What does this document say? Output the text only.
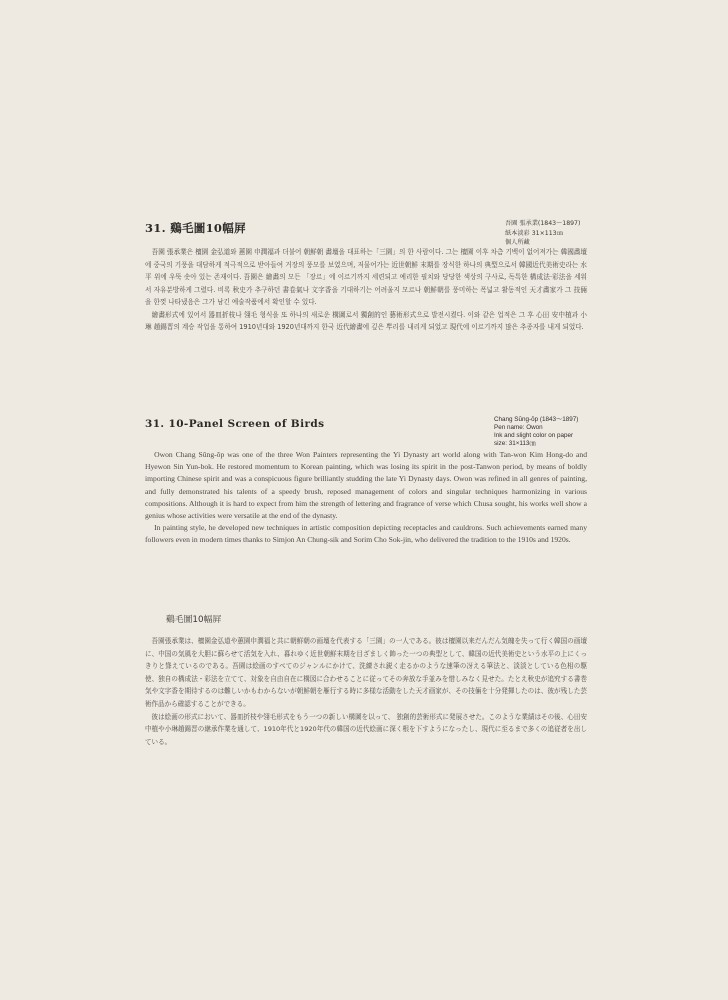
31. 鷄毛圖10幅屛	吾園 張承業(1843～1897)
紙本淡彩 31×113㎝
個人所藏

吾園 張承業은 檀園 金弘道와 蕙園 申潤福과 더불어 朝鮮朝 畵壇을 대표하는「三園」의 한 사람이다. 그는 檀園 이후 차츰 기백이 없어져가는 韓國畵壇에 중국의 기풍을 대담하게 적극적으로 받아들여 거장의 풍모를 보였으며, 저물어가는 近世朝鮮 末期를 장식한 하나의 典型으로서 韓國近代美術史라는 水平 위에 우뚝 솟아 있는 존재이다. 吾園은 繪畵의 모든 「장르」에 이르기까지 세련되고 예리한 필치와 당당한 색상의 구사로, 독특한 構成法·彩法을 세워서 자유분방하게 그렸다. 비록 秋史가 추구하던 書卷氣나 文字香을 기대하기는 어려울지 모르나 朝鮮朝를 풍미하는 폭넓고 활동적인 天才畵家가 그 技倆을 한껏 나타냈음은 그가 남긴 예술작품에서 확인할 수 있다.

繪畵形式에 있어서 器皿折枝나 翎毛 형식을 또 하나의 새로운 構圖로서 獨創的인 藝術形式으로 발전시켰다. 이와 같은 업적은 그 후 心田 安中植과 小琳 趙錫晋의 계승 작업을 통하여 1910년대와 1920년대까지 한국 近代繪畵에 깊은 뿌리를 내리게 되었고 現代에 이르기까지 많은 추종자를 내게 되었다.

31. 10-Panel Screen of Birds	Chang Sŭng-ŏp (1843～1897)
Pen name: Owon
Ink and slight color on paper
size: 31×113㎝

Owon Chang Sŭng-ŏp was one of the three Won Painters representing the Yi Dynasty art world along with Tan-won Kim Hong-do and Hyewon Sin Yun-bok. He restored momentum to Korean painting, which was losing its spirit in the post-Tanwon period, by means of boldly importing Chinese spirit and was a conspicuous figure brilliantly studding the late Yi Dynasty days. Owon was refined in all genres of painting, and fully demonstrated his talents of a speedy brush, reposed management of colors and singular techniques harmonizing in various compositions. Although it is hard to expect from him the strength of lettering and fragrance of verse which Chusa sought, his works well show a genius whose activities were versatile at the end of the dynasty.

In painting style, he developed new techniques in artistic composition depicting receptacles and cauldrons. Such achievements earned many followers even in modern times thanks to Simjon An Chung-sik and Sorim Cho Sok-jin, who delivered the tradition to the 1910s and 1920s.

鷄毛圖10幅屛

吾園張承業は、檀園金弘道や蕙園申潤福と共に朝鮮朝の画壇を代表する「三園」の一人である。彼は檀園以来だんだん気魄を失って行く韓国の画壇に、中国の気風を大胆に蘇らせて活気を入れ、暮れゆく近世朝鮮末期を目ざましく飾った一つの典型として、韓国の近代美術史という水平の上にくっきりと聳えているのである。吾園は絵画のすべてのジャンルにかけて、洗練され鋭く走るかのような速筆の冴える筆法と、淡淡としている色相の駆使、独自の構成法・彩法を立てて、対象を自由自在に構図に合わせることに従ってその奔放な手並みを惜しみなく見せた。たとえ秋史が追究する書巻気や文字香を期待するのは難しいかもわからないが朝鮮朝を雁行する時に多様な活動をした天才画家が、その技倆を十分発揮したのは、彼が残した芸術作品から確認することができる。

彼は絵画の形式において、器皿折枝や翎毛形式をもう一つの新しい構圖を以って、 独創的芸術形式に発展させた。このような業績はその後、心田安中植や小琳趙錫晋の継承作業を通して、1910年代と1920年代の韓国の近代絵画に深く根を下すようになったし、現代に至るまで多くの追従者を出している。
